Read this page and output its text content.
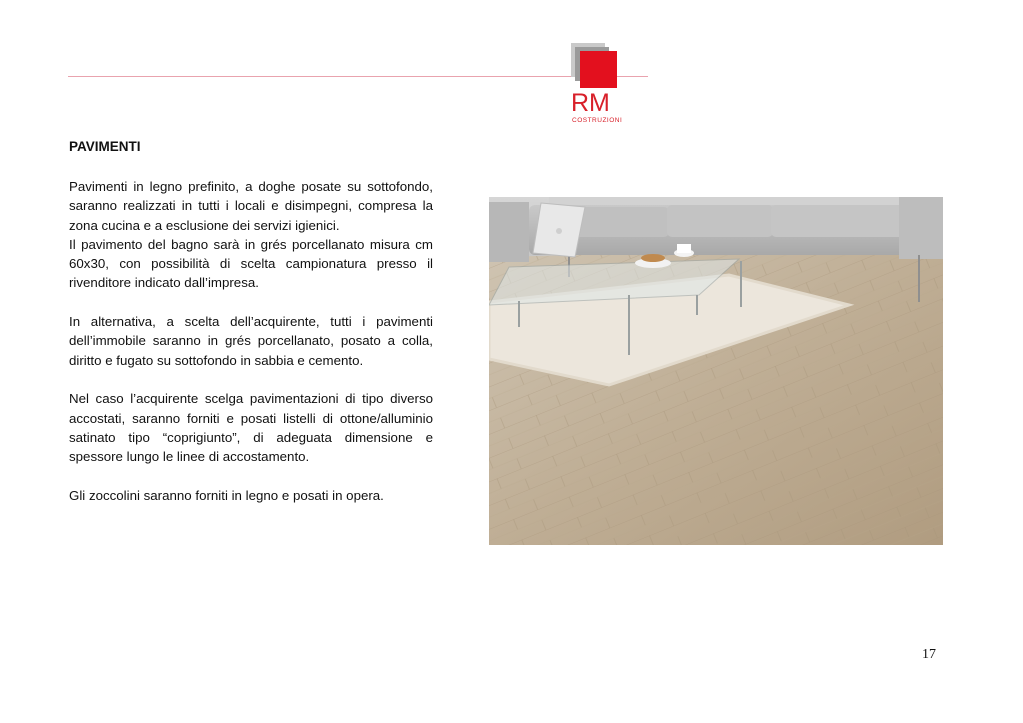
RM
COSTRUZIONI
PAVIMENTI

Pavimenti in legno prefinito, a doghe posate su sottofondo, saranno realizzati in tutti i locali e disimpegni, compresa la zona cucina e a esclusione dei servizi igienici.

Il pavimento del bagno sarà in grés porcellanato misura cm 60x30, con possibilità di scelta campionatura presso il rivenditore indicato dall’impresa.

In alternativa, a scelta dell’acquirente, tutti i pavimenti dell’immobile saranno in grés porcellanato, posato a colla, diritto e fugato su sottofondo in sabbia e cemento.

Nel caso l’acquirente scelga pavimentazioni di tipo diverso accostati, saranno forniti e posati listelli di ottone/alluminio satinato tipo “coprigiunto”, di adeguata dimensione e spessore lungo le linee di accostamento.

Gli zoccolini saranno forniti in legno e posati in opera.

17
